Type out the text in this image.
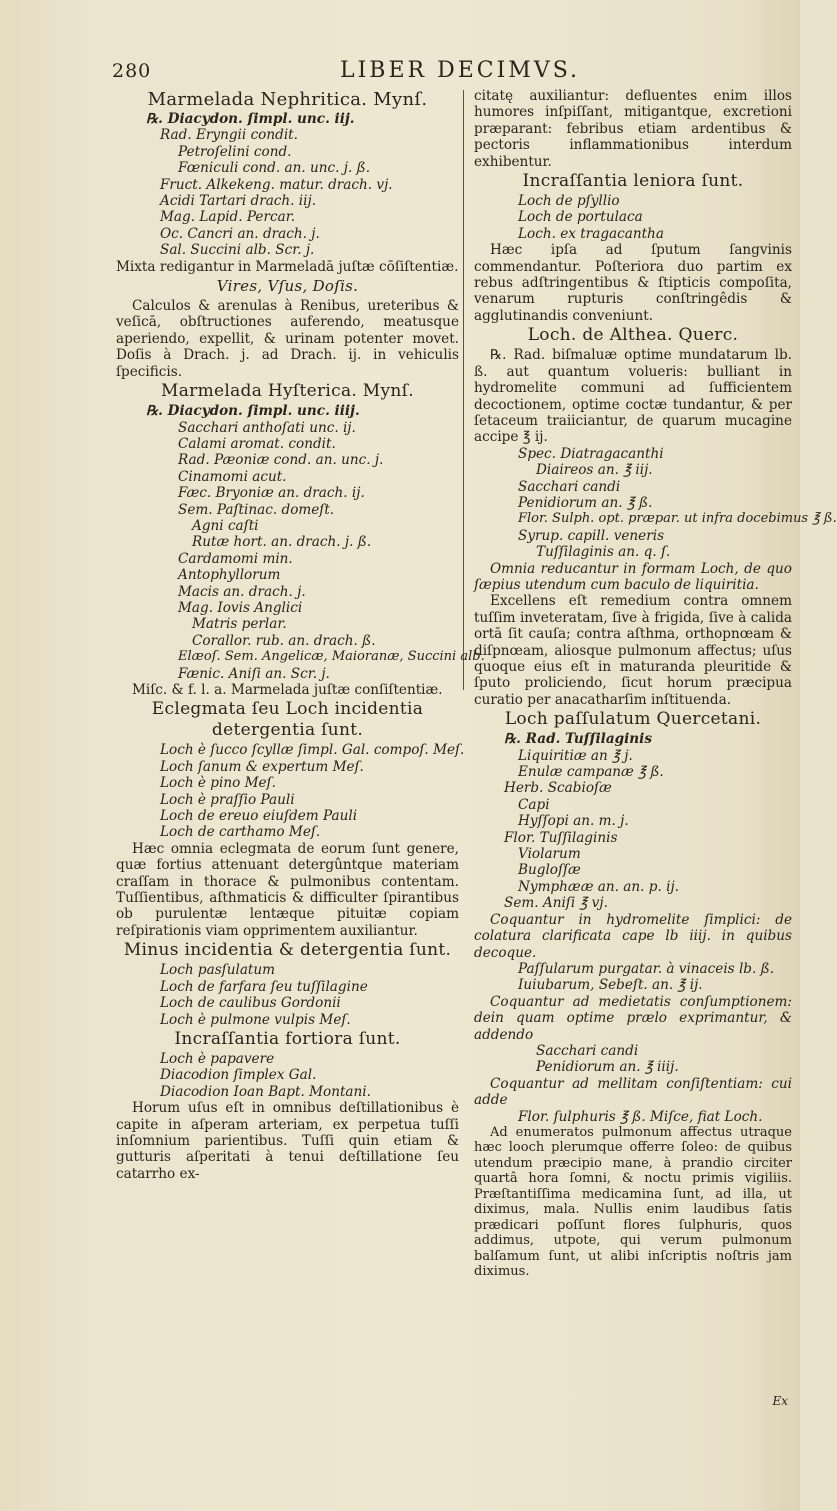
280	LIBER DECIMVS.
Marmelada Nephritica. Mynſ.
℞. Diacydon. ſimpl. unc. iij.
Rad. Eryngii condit.
Petroſelini cond.
Fœniculi cond. an. unc. j. ß.
Fruct. Alkekeng. matur. drach. vj.
Acidi Tartari drach. iij.
Mag. Lapid. Percar.
Oc. Cancri an. drach. j.
Sal. Succini alb. Scr. j.

Mixta redigantur in Marmeladā juſtæ cōſiſtentiæ.

Vires, Vſus, Doſis.

Calculos & arenulas à Renibus, ureteribus & veſicā, obſtructiones auferendo, meatusque aperiendo, expellit, & urinam potenter movet. Doſis à Drach. j. ad Drach. ij. in vehiculis ſpecificis.

Marmelada Hyſterica. Mynſ.
℞. Diacydon. ſimpl. unc. iiij.
Sacchari anthoſati unc. ij.
Calami aromat. condit.
Rad. Pæoniæ cond. an. unc. j.
Cinamomi acut.
Fæc. Bryoniæ an. drach. ij.
Sem. Paſtinac. domeſt.
Agni caſti
Rutæ hort. an. drach. j. ß.
Cardamomi min.
Antophyllorum
Macis an. drach. j.
Mag. Iovis Anglici
Matris perlar.
Corallor. rub. an. drach. ß.
Elæoſ. Sem. Angelicæ, Maioranæ, Succini alb.
Fænic. Aniſi an. Scr. j.

Miſc. & f. l. a. Marmelada juſtæ conſiſtentiæ.

Eclegmata ſeu Loch incidentia detergentia ſunt.
Loch è ſucco ſcyllæ ſimpl. Gal. compoſ. Meſ.
Loch ſanum & expertum Meſ.
Loch è pino Meſ.
Loch è praſſio Pauli
Loch de ereuo eiuſdem Pauli
Loch de carthamo Meſ.

Hæc omnia eclegmata de eorum ſunt genere, quæ fortius attenuant detergûntque materiam craſſam in thorace & pulmonibus contentam. Tuſſientibus, aſthmaticis & difficulter ſpirantibus ob purulentæ lentæque pituitæ copiam reſpirationis viam opprimentem auxiliantur.

Minus incidentia & detergentia ſunt.
Loch pasſulatum
Loch de farfara ſeu tuſſilagine
Loch de caulibus Gordonii
Loch è pulmone vulpis Meſ.
Incraſſantia fortiora ſunt.
Loch è papavere
Diacodion ſimplex Gal.
Diacodion Ioan Bapt. Montani.

Horum uſus eſt in omnibus deſtillationibus è capite in aſperam arteriam, ex perpetua tuſſi inſomnium parientibus. Tuſſi quin etiam & gutturis aſperitati à tenui deſtillatione ſeu catarrho ex-

citatę auxiliantur: defluentes enim illos humores inſpiſſant, mitigantque, excretioni præparant: febribus etiam ardentibus & pectoris inflammationibus interdum exhibentur.

Incraſſantia leniora ſunt.
Loch de pſyllio
Loch de portulaca
Loch. ex tragacantha

Hæc ipſa ad ſputum ſangvinis commendantur. Poſteriora duo partim ex rebus adſtringentibus & ſtipticis compoſita, venarum rupturis conſtringêdis & agglutinandis conveniunt.

Loch. de Althea. Querc.

℞. Rad. biſmaluæ optime mundatarum lb. ß. aut quantum volueris: bulliant in hydromelite communi ad ſufficientem decoctionem, optime coctæ tundantur, & per ſetaceum traiiciantur, de quarum mucagine accipe ℥ ij.

Spec. Diatragacanthi
Diaireos an. ℥ iij.
Sacchari candi
Penidiorum an. ℥ ß.
Flor. Sulph. opt. præpar. ut infra docebimus ℥ ß.
Syrup. capill. veneris
Tuſſilaginis an. q. ſ.

Omnia reducantur in formam Loch, de quo ſæpius utendum cum baculo de liquiritia.

Excellens eſt remedium contra omnem tuſſim inveteratam, ſive à frigida, ſive à calida ortā ſit cauſa; contra aſthma, orthopnœam & diſpnœam, aliosque pulmonum affectus; uſus quoque eius eſt in maturanda pleuritide & ſputo proliciendo, ſicut horum præcipua curatio per anacatharſim inſtituenda.

Loch paſſulatum Quercetani.
℞. Rad. Tuſſilaginis
Liquiritiæ an ℥ j.
Enulæ campanæ ℥ ß.
Herb. Scabioſæ
Capi
Hyſſopi an. m. j.
Flor. Tuſſilaginis
Violarum
Bugloſſæ
Nymphææ an. an. p. ij.
Sem. Aniſi ℥ vj.

Coquantur in hydromelite ſimplici: de colatura clarificata cape lb iiij. in quibus decoque.

Paſſularum purgatar. à vinaceis lb. ß.
Iuiubarum, Sebeſt. an. ℥ ij.

Coquantur ad medietatis conſumptionem: dein quam optime prælo exprimantur, & addendo

Sacchari candi
Penidiorum an. ℥ iiij.

Coquantur ad mellitam conſiſtentiam: cui adde

Flor. ſulphuris ℥ ß. Miſce, fiat Loch.

Ad enumeratos pulmonum affectus utraque hæc looch plerumque offerre ſoleo: de quibus utendum præcipio mane, à prandio circiter quartâ hora ſomni, & noctu primis vigiliis. Præſtantiſſima medicamina ſunt, ad illa, ut diximus, mala. Nullis enim laudibus ſatis prædicari poſſunt flores ſulphuris, quos addimus, utpote, qui verum pulmonum balſamum ſunt, ut alibi inſcriptis noſtris jam diximus.

Ex
